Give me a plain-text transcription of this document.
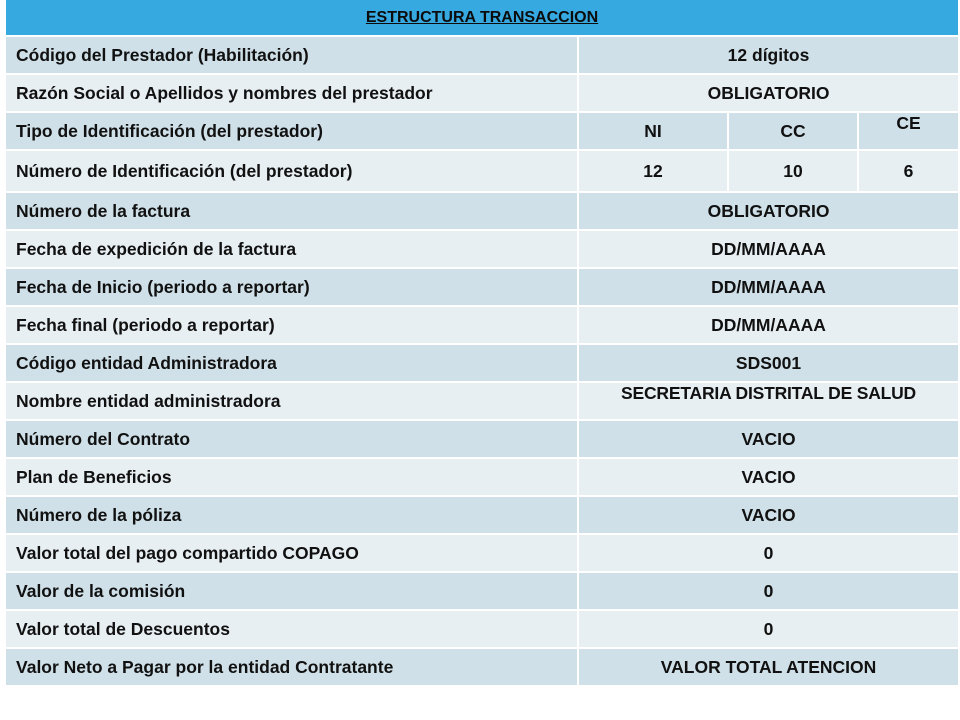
ESTRUCTURA TRANSACCION			
Código del Prestador (Habilitación)	12 dígitos		
Razón Social o Apellidos y nombres del prestador	OBLIGATORIO		
Tipo de Identificación (del prestador)	NI	CC	CE
Número de Identificación (del prestador)	12	10	6
Número de la factura	OBLIGATORIO		
Fecha de expedición de la factura	DD/MM/AAAA		
Fecha de Inicio (periodo a reportar)	DD/MM/AAAA		
Fecha final (periodo a reportar)	DD/MM/AAAA		
Código entidad Administradora	SDS001		
Nombre entidad administradora	SECRETARIA DISTRITAL DE SALUD		
Número del Contrato	VACIO		
Plan de Beneficios	VACIO		
Número de la póliza	VACIO		
Valor total del pago compartido COPAGO	0		
Valor de la comisión	0		
Valor total de Descuentos	0		
Valor Neto a Pagar por la entidad Contratante	VALOR TOTAL ATENCION		
